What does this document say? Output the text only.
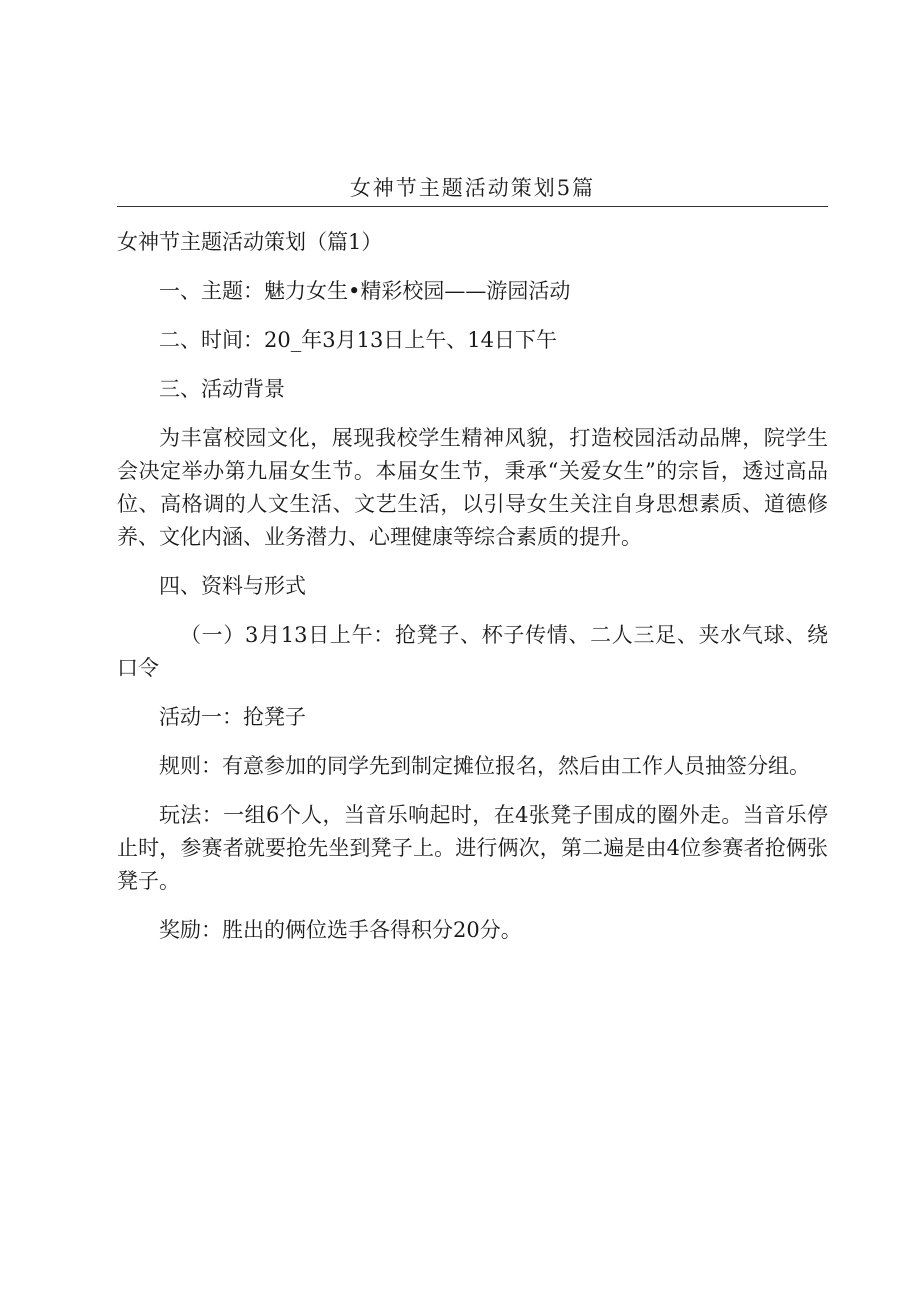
女神节主题活动策划5篇

女神节主题活动策划（篇1）

一、主题：魅力女生•精彩校园——游园活动

二、时间：20_年3月13日上午、14日下午

三、活动背景

为丰富校园文化，展现我校学生精神风貌，打造校园活动品牌，院学生会决定举办第九届女生节。本届女生节，秉承“关爱女生”的宗旨，透过高品位、高格调的人文生活、文艺生活，以引导女生关注自身思想素质、道德修养、文化内涵、业务潜力、心理健康等综合素质的提升。

四、资料与形式

（一）3月13日上午：抢凳子、杯子传情、二人三足、夹水气球、绕口令

活动一：抢凳子

规则：有意参加的同学先到制定摊位报名，然后由工作人员抽签分组。

玩法：一组6个人，当音乐响起时，在4张凳子围成的圈外走。当音乐停止时，参赛者就要抢先坐到凳子上。进行俩次，第二遍是由4位参赛者抢俩张凳子。

奖励：胜出的俩位选手各得积分20分。
